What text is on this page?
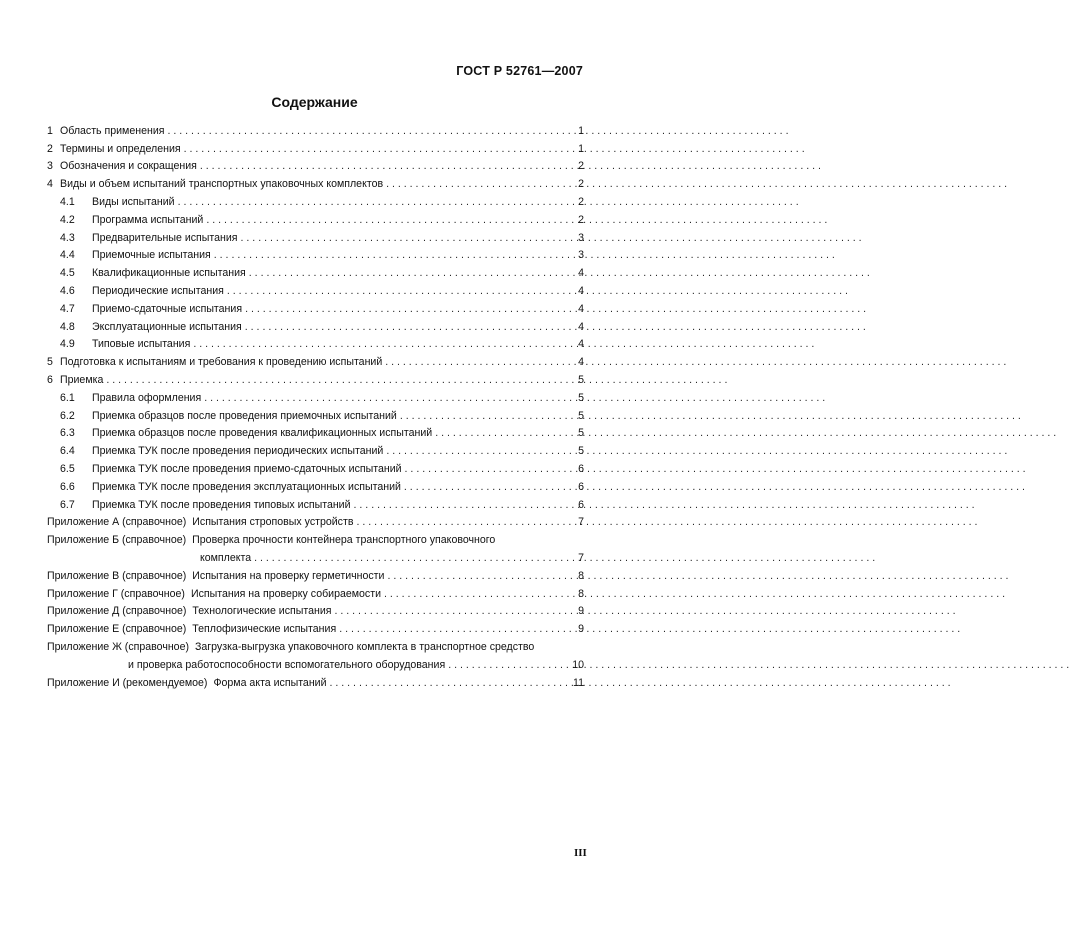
ГОСТ Р 52761—2007
Содержание
1 Область применения . . .	1
2 Термины и определения . . .	1
3 Обозначения и сокращения . . .	2
4 Виды и объем испытаний транспортных упаковочных комплектов . . .	2
4.1	Виды испытаний . . .	2
4.2	Программа испытаний . . .	2
4.3	Предварительные испытания . . .	3
4.4	Приемочные испытания . . .	3
4.5	Квалификационные испытания . . .	4
4.6	Периодические испытания . . .	4
4.7	Приемо-сдаточные испытания . . .	4
4.8	Эксплуатационные испытания . . .	4
4.9	Типовые испытания . . .	4
5 Подготовка к испытаниям и требования к проведению испытаний . . .	4
6 Приемка . . .	5
6.1	Правила оформления . . .	5
6.2	Приемка образцов после проведения приемочных испытаний . . .	5
6.3	Приемка образцов после проведения квалификационных испытаний . . .	5
6.4	Приемка ТУК после проведения периодических испытаний . . .	5
6.5	Приемка ТУК после проведения приемо-сдаточных испытаний . . .	6
6.6	Приемка ТУК после проведения эксплуатационных испытаний . . .	6
6.7	Приемка ТУК после проведения типовых испытаний . . .	6
Приложение А (справочное) Испытания строповых устройств . . .	7
Приложение Б (справочное) Проверка прочности контейнера транспортного упаковочного
комплекта . . .	7
Приложение В (справочное) Испытания на проверку герметичности . . .	8
Приложение Г (справочное) Испытания на проверку собираемости . . .	8
Приложение Д (справочное) Технологические испытания . . .	9
Приложение Е (справочное) Теплофизические испытания . . .	9
Приложение Ж (справочное) Загрузка-выгрузка упаковочного комплекта в транспортное средство
и проверка работоспособности вспомогательного оборудования . . .	10
Приложение И (рекомендуемое) Форма акта испытаний . . .	11
III
